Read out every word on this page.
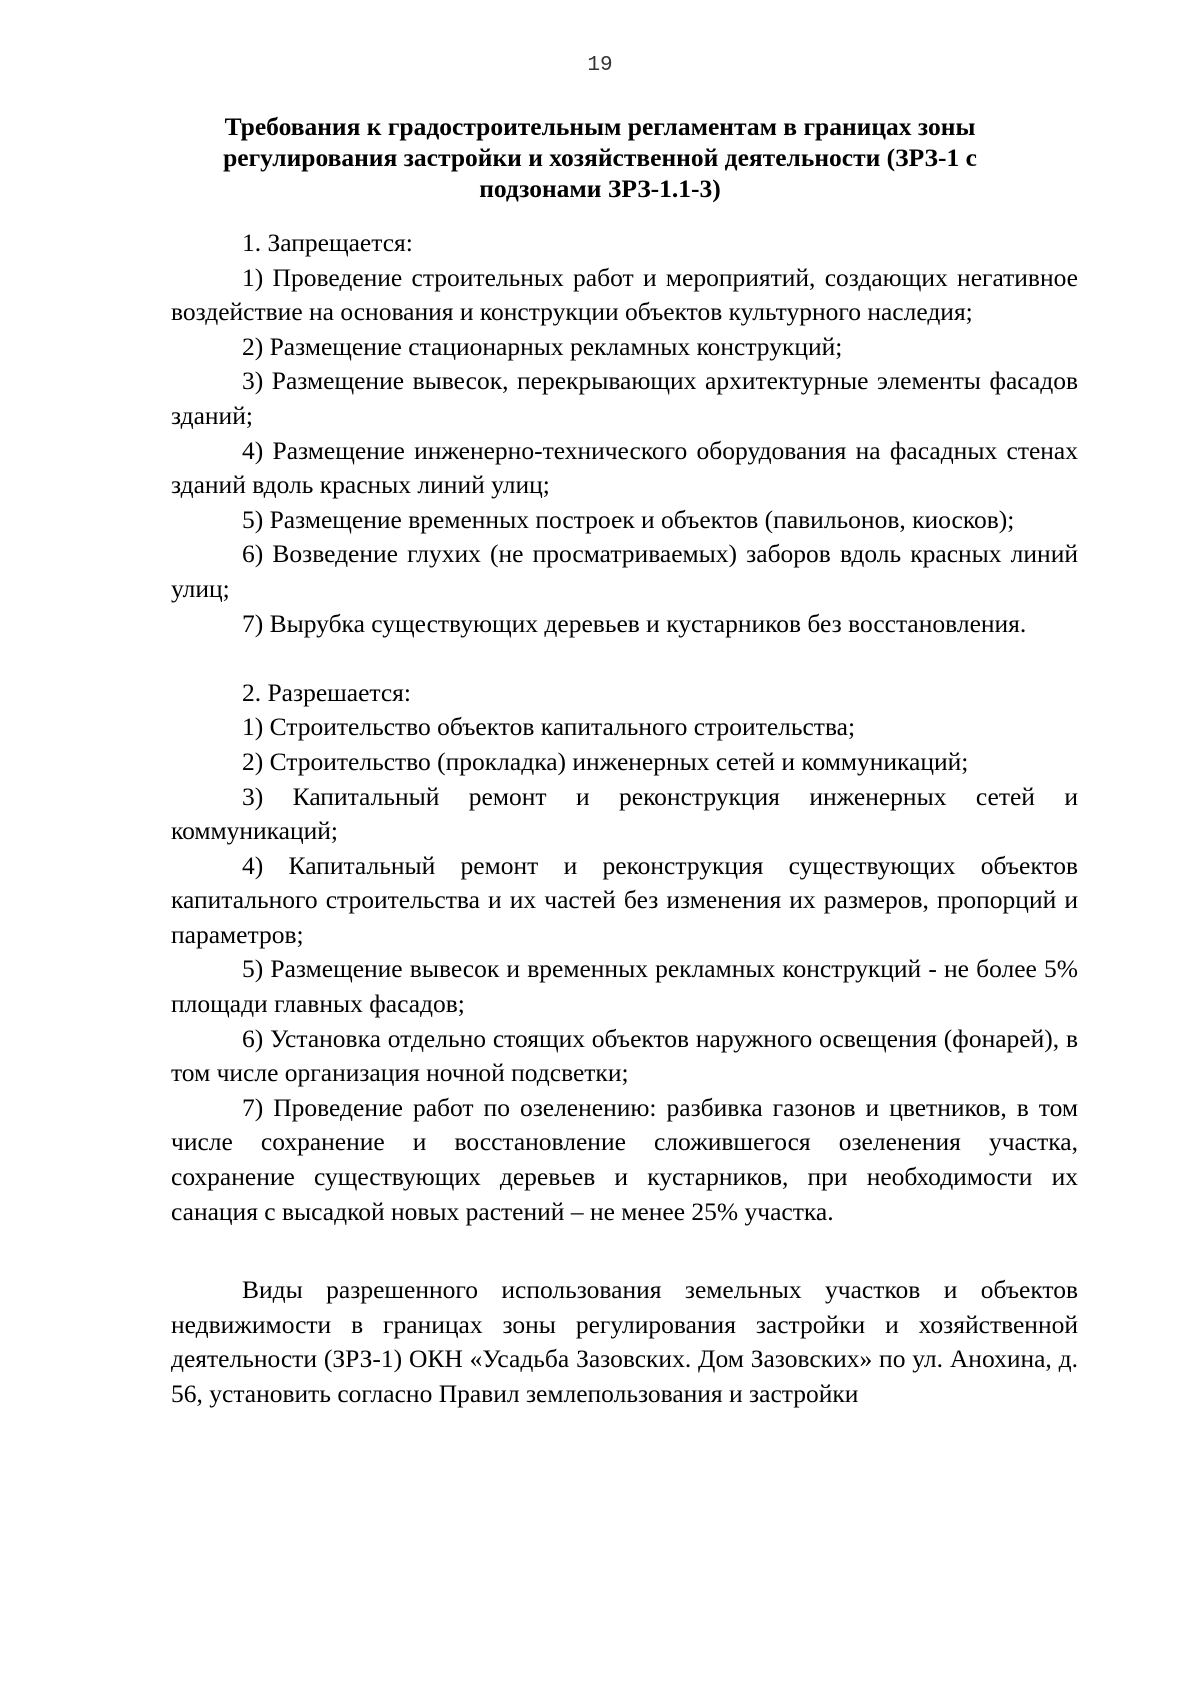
19
Требования к градостроительным регламентам в границах зоны
регулирования застройки и хозяйственной деятельности (ЗРЗ-1 с
подзонами ЗРЗ-1.1-3)

1. Запрещается:

1) Проведение строительных работ и мероприятий, создающих негативное воздействие на основания и конструкции объектов культурного наследия;

2) Размещение стационарных рекламных конструкций;

3) Размещение вывесок, перекрывающих архитектурные элементы фасадов зданий;

4) Размещение инженерно-технического оборудования на фасадных стенах зданий вдоль красных линий улиц;

5) Размещение временных построек и объектов (павильонов, киосков);

6) Возведение глухих (не просматриваемых) заборов вдоль красных линий улиц;

7) Вырубка существующих деревьев и кустарников без восстановления.

2. Разрешается:

1) Строительство объектов капитального строительства;

2) Строительство (прокладка) инженерных сетей и коммуникаций;

3) Капитальный ремонт и реконструкция инженерных сетей и коммуникаций;

4) Капитальный ремонт и реконструкция существующих объектов капитального строительства и их частей без изменения их размеров, пропорций и параметров;

5) Размещение вывесок и временных рекламных конструкций - не более 5% площади главных фасадов;

6) Установка отдельно стоящих объектов наружного освещения (фонарей), в том числе организация ночной подсветки;

7) Проведение работ по озеленению: разбивка газонов и цветников, в том числе сохранение и восстановление сложившегося озеленения участка, сохранение существующих деревьев и кустарников, при необходимости их санация с высадкой новых растений – не менее 25% участка.

Виды разрешенного использования земельных участков и объектов недвижимости в границах зоны регулирования застройки и хозяйственной деятельности (ЗРЗ-1) ОКН «Усадьба Зазовских. Дом Зазовских» по ул. Анохина, д. 56, установить согласно Правил землепользования и застройки
